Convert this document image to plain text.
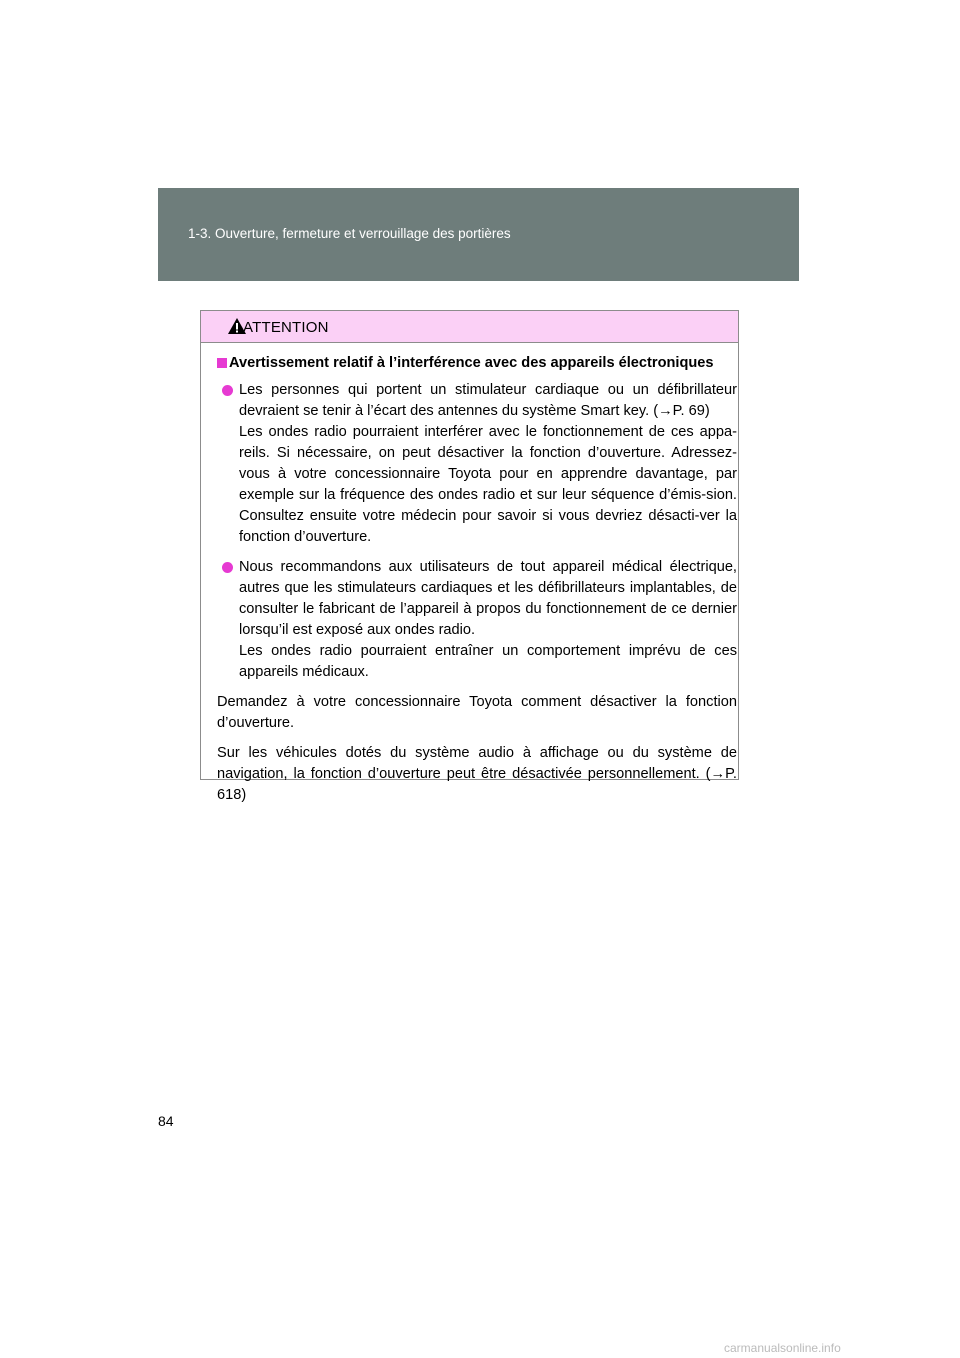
1-3. Ouverture, fermeture et verrouillage des portières
ATTENTION
Avertissement relatif à l’interférence avec des appareils électroniques

Les personnes qui portent un stimulateur cardiaque ou un défibrillateur devraient se tenir à l’écart des antennes du système Smart key. (→P. 69)

Les ondes radio pourraient interférer avec le fonctionnement de ces appa-reils. Si nécessaire, on peut désactiver la fonction d’ouverture. Adressez-vous à votre concessionnaire Toyota pour en apprendre davantage, par exemple sur la fréquence des ondes radio et sur leur séquence d’émis-sion. Consultez ensuite votre médecin pour savoir si vous devriez désacti-ver la fonction d’ouverture.

Nous recommandons aux utilisateurs de tout appareil médical électrique, autres que les stimulateurs cardiaques et les défibrillateurs implantables, de consulter le fabricant de l’appareil à propos du fonctionnement de ce dernier lorsqu’il est exposé aux ondes radio.

Les ondes radio pourraient entraîner un comportement imprévu de ces appareils médicaux.

Demandez à votre concessionnaire Toyota comment désactiver la fonction d’ouverture.

Sur les véhicules dotés du système audio à affichage ou du système de navigation, la fonction d’ouverture peut être désactivée personnellement. (→P. 618)

84
carmanualsonline.info
